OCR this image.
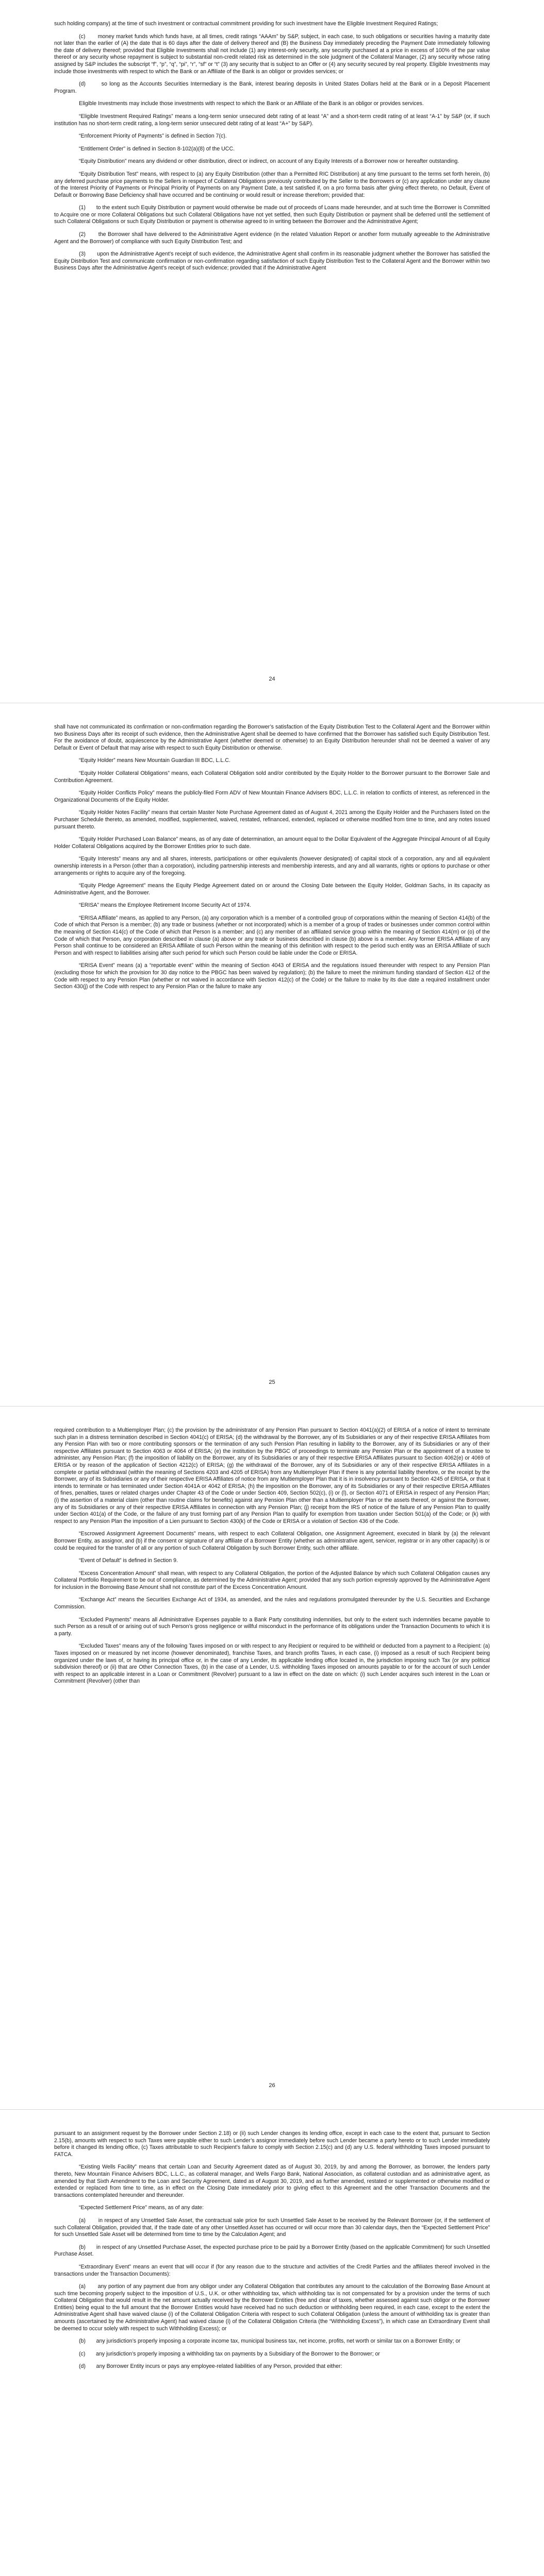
such holding company) at the time of such investment or contractual commitment providing for such investment have the Eligible Investment Required Ratings;

(c)       money market funds which funds have, at all times, credit ratings “AAAm” by S&P, subject, in each case, to such obligations or securities having a maturity date not later than the earlier of (A) the date that is 60 days after the date of delivery thereof and (B) the Business Day immediately preceding the Payment Date immediately following the date of delivery thereof; provided that Eligible Investments shall not include (1) any interest-only security, any security purchased at a price in excess of 100% of the par value thereof or any security whose repayment is subject to substantial non-credit related risk as determined in the sole judgment of the Collateral Manager, (2) any security whose rating assigned by S&P includes the subscript “f”, “p”, “q”, “pi”, “r”, “sf” or “t” (3) any security that is subject to an Offer or (4) any security secured by real property. Eligible Investments may include those investments with respect to which the Bank or an Affiliate of the Bank is an obligor or provides services; or

(d)       so long as the Accounts Securities Intermediary is the Bank, interest bearing deposits in United States Dollars held at the Bank or in a Deposit Placement Program.

Eligible Investments may include those investments with respect to which the Bank or an Affiliate of the Bank is an obligor or provides services.

“Eligible Investment Required Ratings” means a long-term senior unsecured debt rating of at least “A” and a short-term credit rating of at least “A-1” by S&P (or, if such institution has no short-term credit rating, a long-term senior unsecured debt rating of at least “A+” by S&P).

“Enforcement Priority of Payments” is defined in Section 7(c).

“Entitlement Order” is defined in Section 8-102(a)(8) of the UCC.

“Equity Distribution” means any dividend or other distribution, direct or indirect, on account of any Equity Interests of a Borrower now or hereafter outstanding.

“Equity Distribution Test” means, with respect to (a) any Equity Distribution (other than a Permitted RIC Distribution) at any time pursuant to the terms set forth herein, (b) any deferred purchase price payments to the Sellers in respect of Collateral Obligations previously contributed by the Seller to the Borrowers or (c) any application under any clause of the Interest Priority of Payments or Principal Priority of Payments on any Payment Date, a test satisfied if, on a pro forma basis after giving effect thereto, no Default, Event of Default or Borrowing Base Deficiency shall have occurred and be continuing or would result or increase therefrom; provided that:

(1)       to the extent such Equity Distribution or payment would otherwise be made out of proceeds of Loans made hereunder, and at such time the Borrower is Committed to Acquire one or more Collateral Obligations but such Collateral Obligations have not yet settled, then such Equity Distribution or payment shall be deferred until the settlement of such Collateral Obligations or such Equity Distribution or payment is otherwise agreed to in writing between the Borrower and the Administrative Agent;

(2)       the Borrower shall have delivered to the Administrative Agent evidence (in the related Valuation Report or another form mutually agreeable to the Administrative Agent and the Borrower) of compliance with such Equity Distribution Test; and

(3)       upon the Administrative Agent’s receipt of such evidence, the Administrative Agent shall confirm in its reasonable judgment whether the Borrower has satisfied the Equity Distribution Test and communicate confirmation or non-confirmation regarding satisfaction of such Equity Distribution Test to the Collateral Agent and the Borrower within two Business Days after the Administrative Agent’s receipt of such evidence; provided that if the Administrative Agent

24

shall have not communicated its confirmation or non-confirmation regarding the Borrower’s satisfaction of the Equity Distribution Test to the Collateral Agent and the Borrower within two Business Days after its receipt of such evidence, then the Administrative Agent shall be deemed to have confirmed that the Borrower has satisfied such Equity Distribution Test. For the avoidance of doubt, acquiescence by the Administrative Agent (whether deemed or otherwise) to an Equity Distribution hereunder shall not be deemed a waiver of any Default or Event of Default that may arise with respect to such Equity Distribution or otherwise.

“Equity Holder” means New Mountain Guardian III BDC, L.L.C.

“Equity Holder Collateral Obligations” means, each Collateral Obligation sold and/or contributed by the Equity Holder to the Borrower pursuant to the Borrower Sale and Contribution Agreement.

“Equity Holder Conflicts Policy” means the publicly-filed Form ADV of New Mountain Finance Advisers BDC, L.L.C. in relation to conflicts of interest, as referenced in the Organizational Documents of the Equity Holder.

“Equity Holder Notes Facility” means that certain Master Note Purchase Agreement dated as of August 4, 2021 among the Equity Holder and the Purchasers listed on the Purchaser Schedule thereto, as amended, modified, supplemented, waived, restated, refinanced, extended, replaced or otherwise modified from time to time, and any notes issued pursuant thereto.

“Equity Holder Purchased Loan Balance” means, as of any date of determination, an amount equal to the Dollar Equivalent of the Aggregate Principal Amount of all Equity Holder Collateral Obligations acquired by the Borrower Entities prior to such date.

“Equity Interests” means any and all shares, interests, participations or other equivalents (however designated) of capital stock of a corporation, any and all equivalent ownership interests in a Person (other than a corporation), including partnership interests and membership interests, and any and all warrants, rights or options to purchase or other arrangements or rights to acquire any of the foregoing.

“Equity Pledge Agreement” means the Equity Pledge Agreement dated on or around the Closing Date between the Equity Holder, Goldman Sachs, in its capacity as Administrative Agent, and the Borrower.

“ERISA” means the Employee Retirement Income Security Act of 1974.

“ERISA Affiliate” means, as applied to any Person, (a) any corporation which is a member of a controlled group of corporations within the meaning of Section 414(b) of the Code of which that Person is a member; (b) any trade or business (whether or not incorporated) which is a member of a group of trades or businesses under common control within the meaning of Section 414(c) of the Code of which that Person is a member; and (c) any member of an affiliated service group within the meaning of Section 414(m) or (o) of the Code of which that Person, any corporation described in clause (a) above or any trade or business described in clause (b) above is a member. Any former ERISA Affiliate of any Person shall continue to be considered an ERISA Affiliate of such Person within the meaning of this definition with respect to the period such entity was an ERISA Affiliate of such Person and with respect to liabilities arising after such period for which such Person could be liable under the Code or ERISA.

“ERISA Event” means (a) a “reportable event” within the meaning of Section 4043 of ERISA and the regulations issued thereunder with respect to any Pension Plan (excluding those for which the provision for 30 day notice to the PBGC has been waived by regulation); (b) the failure to meet the minimum funding standard of Section 412 of the Code with respect to any Pension Plan (whether or not waived in accordance with Section 412(c) of the Code) or the failure to make by its due date a required installment under Section 430(j) of the Code with respect to any Pension Plan or the failure to make any

25

required contribution to a Multiemployer Plan; (c) the provision by the administrator of any Pension Plan pursuant to Section 4041(a)(2) of ERISA of a notice of intent to terminate such plan in a distress termination described in Section 4041(c) of ERISA; (d) the withdrawal by the Borrower, any of its Subsidiaries or any of their respective ERISA Affiliates from any Pension Plan with two or more contributing sponsors or the termination of any such Pension Plan resulting in liability to the Borrower, any of its Subsidiaries or any of their respective Affiliates pursuant to Section 4063 or 4064 of ERISA; (e) the institution by the PBGC of proceedings to terminate any Pension Plan or the appointment of a trustee to administer, any Pension Plan; (f) the imposition of liability on the Borrower, any of its Subsidiaries or any of their respective ERISA Affiliates pursuant to Section 4062(e) or 4069 of ERISA or by reason of the application of Section 4212(c) of ERISA; (g) the withdrawal of the Borrower, any of its Subsidiaries or any of their respective ERISA Affiliates in a complete or partial withdrawal (within the meaning of Sections 4203 and 4205 of ERISA) from any Multiemployer Plan if there is any potential liability therefore, or the receipt by the Borrower, any of its Subsidiaries or any of their respective ERISA Affiliates of notice from any Multiemployer Plan that it is in insolvency pursuant to Section 4245 of ERISA, or that it intends to terminate or has terminated under Section 4041A or 4042 of ERISA; (h) the imposition on the Borrower, any of its Subsidiaries or any of their respective ERISA Affiliates of fines, penalties, taxes or related charges under Chapter 43 of the Code or under Section 409, Section 502(c), (i) or (l), or Section 4071 of ERISA in respect of any Pension Plan; (i) the assertion of a material claim (other than routine claims for benefits) against any Pension Plan other than a Multiemployer Plan or the assets thereof, or against the Borrower, any of its Subsidiaries or any of their respective ERISA Affiliates in connection with any Pension Plan; (j) receipt from the IRS of notice of the failure of any Pension Plan to qualify under Section 401(a) of the Code, or the failure of any trust forming part of any Pension Plan to qualify for exemption from taxation under Section 501(a) of the Code; or (k) with respect to any Pension Plan the imposition of a Lien pursuant to Section 430(k) of the Code or ERISA or a violation of Section 436 of the Code.

“Escrowed Assignment Agreement Documents” means, with respect to each Collateral Obligation, one Assignment Agreement, executed in blank by (a) the relevant Borrower Entity, as assignor, and (b) if the consent or signature of any affiliate of a Borrower Entity (whether as administrative agent, servicer, registrar or in any other capacity) is or could be required for the transfer of all or any portion of such Collateral Obligation by such Borrower Entity, such other affiliate.

“Event of Default” is defined in Section 9.

“Excess Concentration Amount” shall mean, with respect to any Collateral Obligation, the portion of the Adjusted Balance by which such Collateral Obligation causes any Collateral Portfolio Requirement to be out of compliance, as determined by the Administrative Agent; provided that any such portion expressly approved by the Administrative Agent for inclusion in the Borrowing Base Amount shall not constitute part of the Excess Concentration Amount.

“Exchange Act” means the Securities Exchange Act of 1934, as amended, and the rules and regulations promulgated thereunder by the U.S. Securities and Exchange Commission.

“Excluded Payments” means all Administrative Expenses payable to a Bank Party constituting indemnities, but only to the extent such indemnities became payable to such Person as a result of or arising out of such Person’s gross negligence or willful misconduct in the performance of its obligations under the Transaction Documents to which it is a party.

“Excluded Taxes” means any of the following Taxes imposed on or with respect to any Recipient or required to be withheld or deducted from a payment to a Recipient: (a) Taxes imposed on or measured by net income (however denominated), franchise Taxes, and branch profits Taxes, in each case, (i) imposed as a result of such Recipient being organized under the laws of, or having its principal office or, in the case of any Lender, its applicable lending office located in, the jurisdiction imposing such Tax (or any political subdivision thereof) or (ii) that are Other Connection Taxes, (b) in the case of a Lender, U.S. withholding Taxes imposed on amounts payable to or for the account of such Lender with respect to an applicable interest in a Loan or Commitment (Revolver) pursuant to a law in effect on the date on which: (i) such Lender acquires such interest in the Loan or Commitment (Revolver) (other than

26

pursuant to an assignment request by the Borrower under Section 2.18) or (ii) such Lender changes its lending office, except in each case to the extent that, pursuant to Section 2.15(b), amounts with respect to such Taxes were payable either to such Lender’s assignor immediately before such Lender became a party hereto or to such Lender immediately before it changed its lending office, (c) Taxes attributable to such Recipient’s failure to comply with Section 2.15(c) and (d) any U.S. federal withholding Taxes imposed pursuant to FATCA.

“Existing Wells Facility” means that certain Loan and Security Agreement dated as of August 30, 2019, by and among the Borrower, as borrower, the lenders party thereto, New Mountain Finance Advisers BDC, L.L.C., as collateral manager, and Wells Fargo Bank, National Association, as collateral custodian and as administrative agent, as amended by that Sixth Amendment to the Loan and Security Agreement, dated as of August 30, 2019, and as further amended, restated or supplemented or otherwise modified or extended or replaced from time to time, as in effect on the Closing Date immediately prior to giving effect to this Agreement and the other Transaction Documents and the transactions contemplated hereunder and thereunder.

“Expected Settlement Price” means, as of any date:

(a)       in respect of any Unsettled Sale Asset, the contractual sale price for such Unsettled Sale Asset to be received by the Relevant Borrower (or, if the settlement of such Collateral Obligation, provided that, if the trade date of any other Unsettled Asset has occurred or will occur more than 30 calendar days, then the “Expected Settlement Price” for such Unsettled Sale Asset will be determined from time to time by the Calculation Agent; and

(b)       in respect of any Unsettled Purchase Asset, the expected purchase price to be paid by a Borrower Entity (based on the applicable Commitment) for such Unsettled Purchase Asset.

“Extraordinary Event” means an event that will occur if (for any reason due to the structure and activities of the Credit Parties and the affiliates thereof involved in the transactions under the Transaction Documents):

(a)       any portion of any payment due from any obligor under any Collateral Obligation that contributes any amount to the calculation of the Borrowing Base Amount at such time becoming properly subject to the imposition of U.S., U.K. or other withholding tax, which withholding tax is not compensated for by a provision under the terms of such Collateral Obligation that would result in the net amount actually received by the Borrower Entities (free and clear of taxes, whether assessed against such obligor or the Borrower Entities) being equal to the full amount that the Borrower Entities would have received had no such deduction or withholding been required, in each case, except to the extent the Administrative Agent shall have waived clause (i) of the Collateral Obligation Criteria with respect to such Collateral Obligation (unless the amount of withholding tax is greater than amounts (ascertained by the Administrative Agent) had waived clause (i) of the Collateral Obligation Criteria (the “Withholding Excess”), in which case an Extraordinary Event shall be deemed to occur solely with respect to such Withholding Excess); or

(b)       any jurisdiction’s properly imposing a corporate income tax, municipal business tax, net income, profits, net worth or similar tax on a Borrower Entity; or

(c)       any jurisdiction’s properly imposing a withholding tax on payments by a Subsidiary of the Borrower to the Borrower; or

(d)       any Borrower Entity incurs or pays any employee-related liabilities of any Person, provided that either:
